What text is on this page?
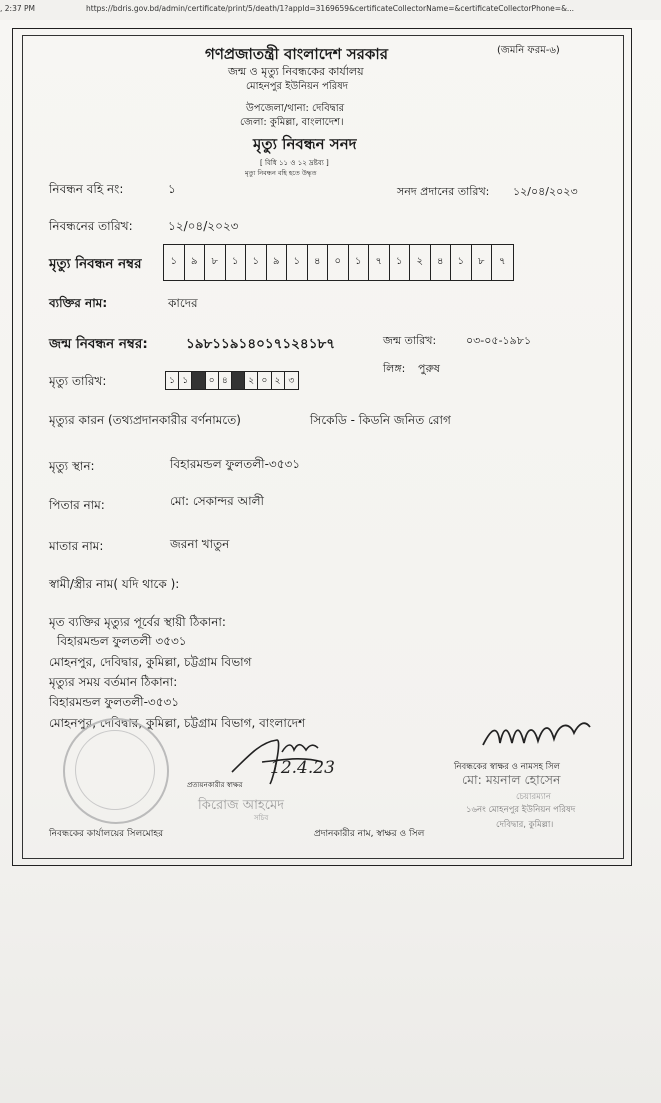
, 2:37 PM	https://bdris.gov.bd/admin/certificate/print/5/death/1?appId=3169659&certificateCollectorName=&certificateCollectorPhone=&...
গণপ্রজাতন্ত্রী বাংলাদেশ সরকার	(জমনি ফরম-৬)
জন্ম ও মৃত্যু নিবন্ধকের কার্যালয়
মোহনপুর ইউনিয়ন পরিষদ
উপজেলা/থানা: দেবিদ্বার
জেলা: কুমিল্লা, বাংলাদেশ।
মৃত্যু নিবন্ধন সনদ
[ বিধি ১১ ও ১২ দ্রষ্টব্য ]
মৃত্যু নিবন্ধন বহি হতে উদ্ধৃত
নিবন্ধন বহি নং:	১	সনদ প্রদানের তারিখ: ১২/০৪/২০২৩
নিবন্ধনের তারিখ:	১২/০৪/২০২৩
মৃত্যু নিবন্ধন নম্বর	১	৯	৮	১	১	৯	১	৪	০	১	৭	১	২	৪	১	৮	৭
ব্যক্তির নাম:	কাদের
জন্ম নিবন্ধন নম্বর:	১৯৮১১৯১৪০১৭১২৪১৮৭	জন্ম তারিখ:	০৩-০৫-১৯৮১
লিঙ্গ: পুরুষ
মৃত্যু তারিখ:	১ ১	০ ৪	২ ০ ২ ৩
মৃত্যুর কারন (তথ্যপ্রদানকারীর বর্ণনামতে)	সিকেডি - কিডনি জনিত রোগ
মৃত্যু স্থান:	বিহারমন্ডল ফুলতলী-৩৫৩১
পিতার নাম:	মো: সেকান্দর আলী
মাতার নাম:	জরনা খাতুন
স্বামী/স্ত্রীর নাম( যদি থাকে ):
মৃত ব্যক্তির মৃত্যুর পূর্বের স্থায়ী ঠিকানা:
বিহারমন্ডল ফুলতলী ৩৫৩১
মোহনপুর, দেবিদ্বার, কুমিল্লা, চট্টগ্রাম বিভাগ
মৃত্যুর সময় বর্তমান ঠিকানা:
বিহারমন্ডল ফুলতলী-৩৫৩১
মোহনপুর, দেবিদ্বার, কুমিল্লা, চট্টগ্রাম বিভাগ, বাংলাদেশ
12.4.23
প্রত্যয়নকারীর স্বাক্ষর
কিরোজ আহমেদ
সচিব
নিবন্ধকের স্বাক্ষর ও নামসহ সিল
মো: ময়নাল হোসেন
চেয়ারম্যান
১৬নং মোহনপুর ইউনিয়ন পরিষদ
দেবিদ্বার, কুমিল্লা।
নিবন্ধকের কার্যালয়ের সিলমোহর	প্রদানকারীর নাম, স্বাক্ষর ও সিল
